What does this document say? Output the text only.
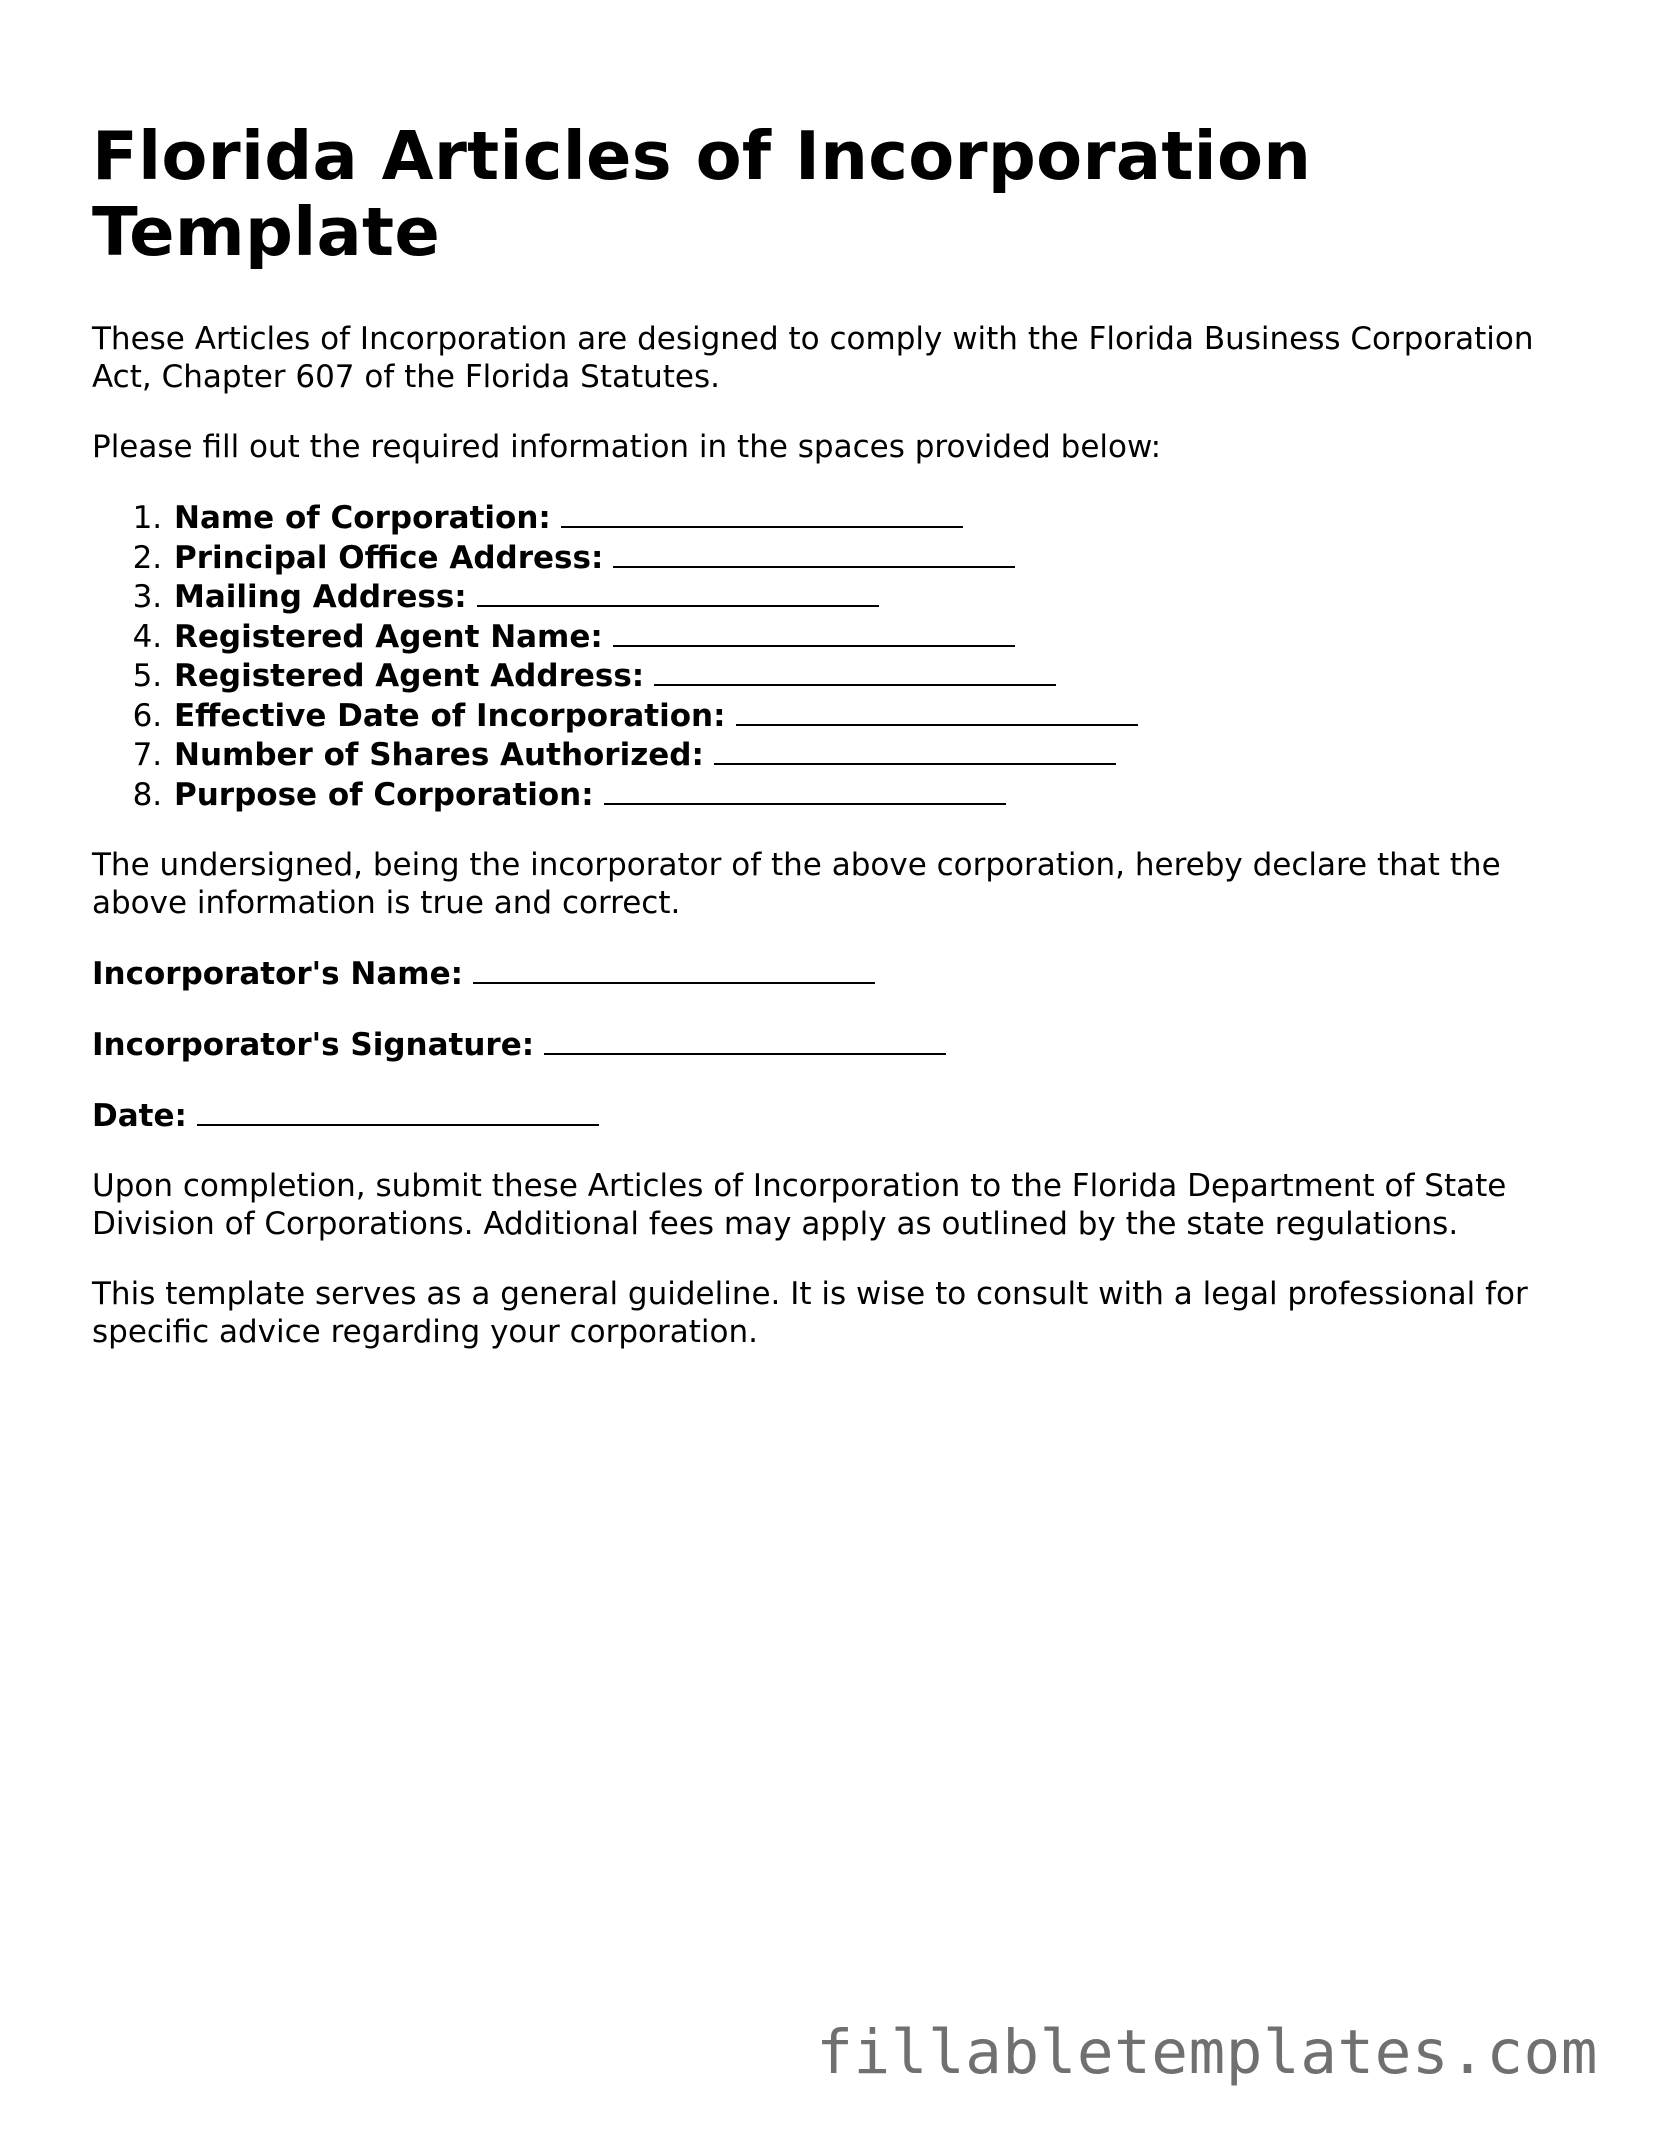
Florida Articles of Incorporation Template

These Articles of Incorporation are designed to comply with the Florida Business Corporation Act, Chapter 607 of the Florida Statutes.

Please fill out the required information in the spaces provided below:

1. Name of Corporation:
2. Principal Office Address:
3. Mailing Address:
4. Registered Agent Name:
5. Registered Agent Address:
6. Effective Date of Incorporation:
7. Number of Shares Authorized:
8. Purpose of Corporation:

The undersigned, being the incorporator of the above corporation, hereby declare that the above information is true and correct.

Incorporator's Name:
Incorporator's Signature:
Date:

Upon completion, submit these Articles of Incorporation to the Florida Department of State Division of Corporations. Additional fees may apply as outlined by the state regulations.

This template serves as a general guideline. It is wise to consult with a legal professional for specific advice regarding your corporation.

fillabletemplates.com
